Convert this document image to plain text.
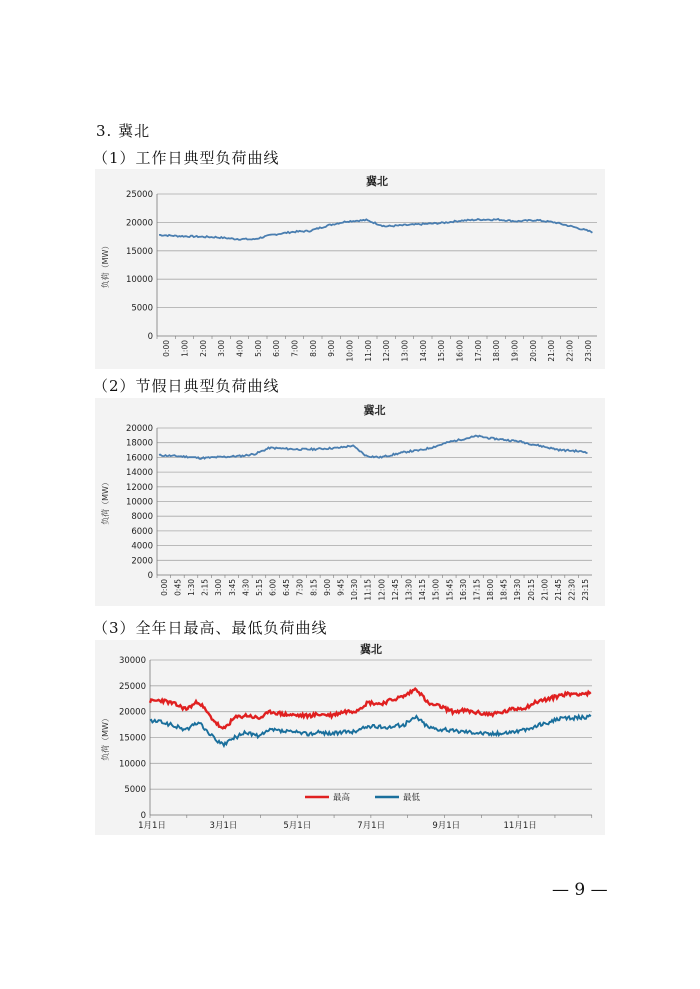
3. 冀北
（1）工作日典型负荷曲线
冀北
0
5000
10000
15000
20000
25000
负荷（MW）
0:00 1:00 2:00 3:00 4:00 5:00 6:00 7:00 8:00 9:00 10:00 11:00 12:00 13:00 14:00 15:00 16:00 17:00 18:00 19:00 20:00 21:00 22:00 23:00
（2）节假日典型负荷曲线
冀北
0
2000
4000
6000
8000
10000
12000
14000
16000
18000
20000
负荷（MW）
0:00 0:45 1:30 2:15 3:00 3:45 4:30 5:15 6:00 6:45 7:30 8:15 9:00 9:45 10:30 11:15 12:00 12:45 13:30 14:15 15:00 15:45 16:30 17:15 18:00 18:45 19:30 20:15 21:00 21:45 22:30 23:15
（3）全年日最高、最低负荷曲线
冀北
0
5000
10000
15000
20000
25000
30000
负荷（MW）
1月1日	3月1日	5月1日	7月1日	9月1日	11月1日
最高	最低
— 9 —
